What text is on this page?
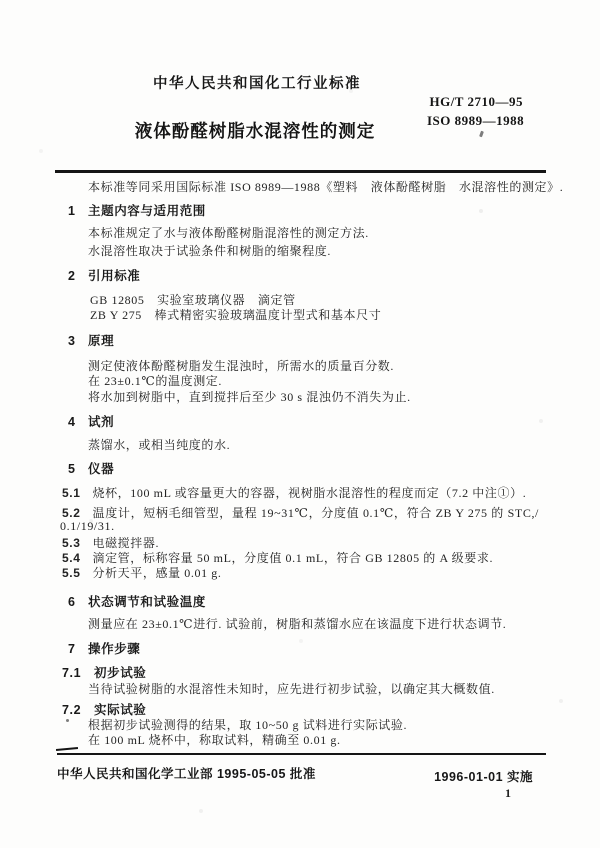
中华人民共和国化工行业标准
HG/T 2710—95
ISO 8989—1988
液体酚醛树脂水混溶性的测定
本标准等同采用国际标准 ISO 8989—1988《塑料　液体酚醛树脂　水混溶性的测定》.
1 主题内容与适用范围
本标准规定了水与液体酚醛树脂混溶性的测定方法.
水混溶性取决于试验条件和树脂的缩聚程度.
2 引用标准
GB 12805　实验室玻璃仪器　滴定管
ZB Y 275　棒式精密实验玻璃温度计型式和基本尺寸
3 原理
测定使液体酚醛树脂发生混浊时，所需水的质量百分数.
在 23±0.1℃的温度测定.
将水加到树脂中，直到搅拌后至少 30 s 混浊仍不消失为止.
4 试剂
蒸馏水，或相当纯度的水.
5 仪器
5.1 烧杯，100 mL 或容量更大的容器，视树脂水混溶性的程度而定（7.2 中注①）.
5.2 温度计，短柄毛细管型，量程 19~31℃，分度值 0.1℃，符合 ZB Y 275 的 STC,/
0.1/19/31.
5.3 电磁搅拌器.
5.4 滴定管，标称容量 50 mL，分度值 0.1 mL，符合 GB 12805 的 A 级要求.
5.5 分析天平，感量 0.01 g.
6 状态调节和试验温度
测量应在 23±0.1℃进行. 试验前，树脂和蒸馏水应在该温度下进行状态调节.
7 操作步骤
7.1 初步试验
当待试验树脂的水混溶性未知时，应先进行初步试验，以确定其大概数值.
7.2 实际试验
根据初步试验测得的结果，取 10~50 g 试料进行实际试验.
在 100 mL 烧杯中，称取试料，精确至 0.01 g.
中华人民共和国化学工业部 1995-05-05 批准	1996-01-01 实施
1
